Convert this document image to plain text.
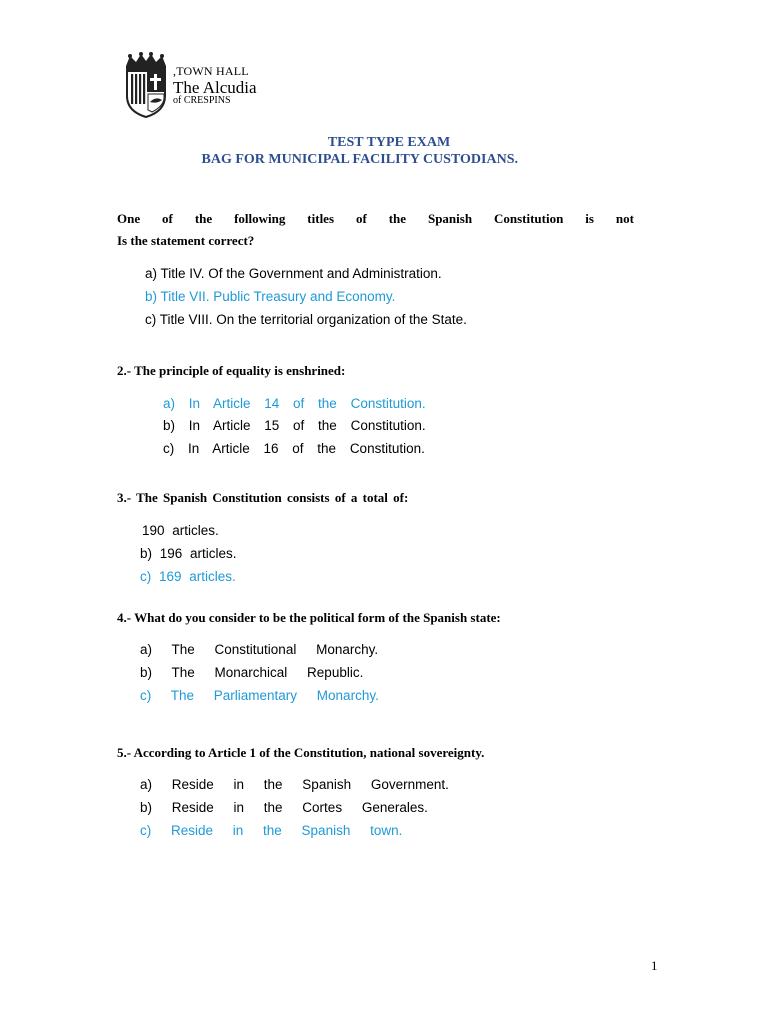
,TOWN HALL
The Alcudia
of CRESPINS
TEST TYPE EXAM
BAG FOR MUNICIPAL FACILITY CUSTODIANS.
One of the following titles of the Spanish Constitution is not
Is the statement correct?
a) Title IV. Of the Government and Administration.
b) Title VII. Public Treasury and Economy.
c) Title VIII. On the territorial organization of the State.
2.- The principle of equality is enshrined:
a) In Article 14 of the Constitution.
b) In Article 15 of the Constitution.
c) In Article 16 of the Constitution.
3.- The Spanish Constitution consists of a total of:
190 articles.
b) 196 articles.
c) 169 articles.
4.- What do you consider to be the political form of the Spanish state:
a) The Constitutional Monarchy.
b) The Monarchical Republic.
c) The Parliamentary Monarchy.
5.- According to Article 1 of the Constitution, national sovereignty.
a) Reside in the Spanish Government.
b) Reside in the Cortes Generales.
c) Reside in the Spanish town.
1
